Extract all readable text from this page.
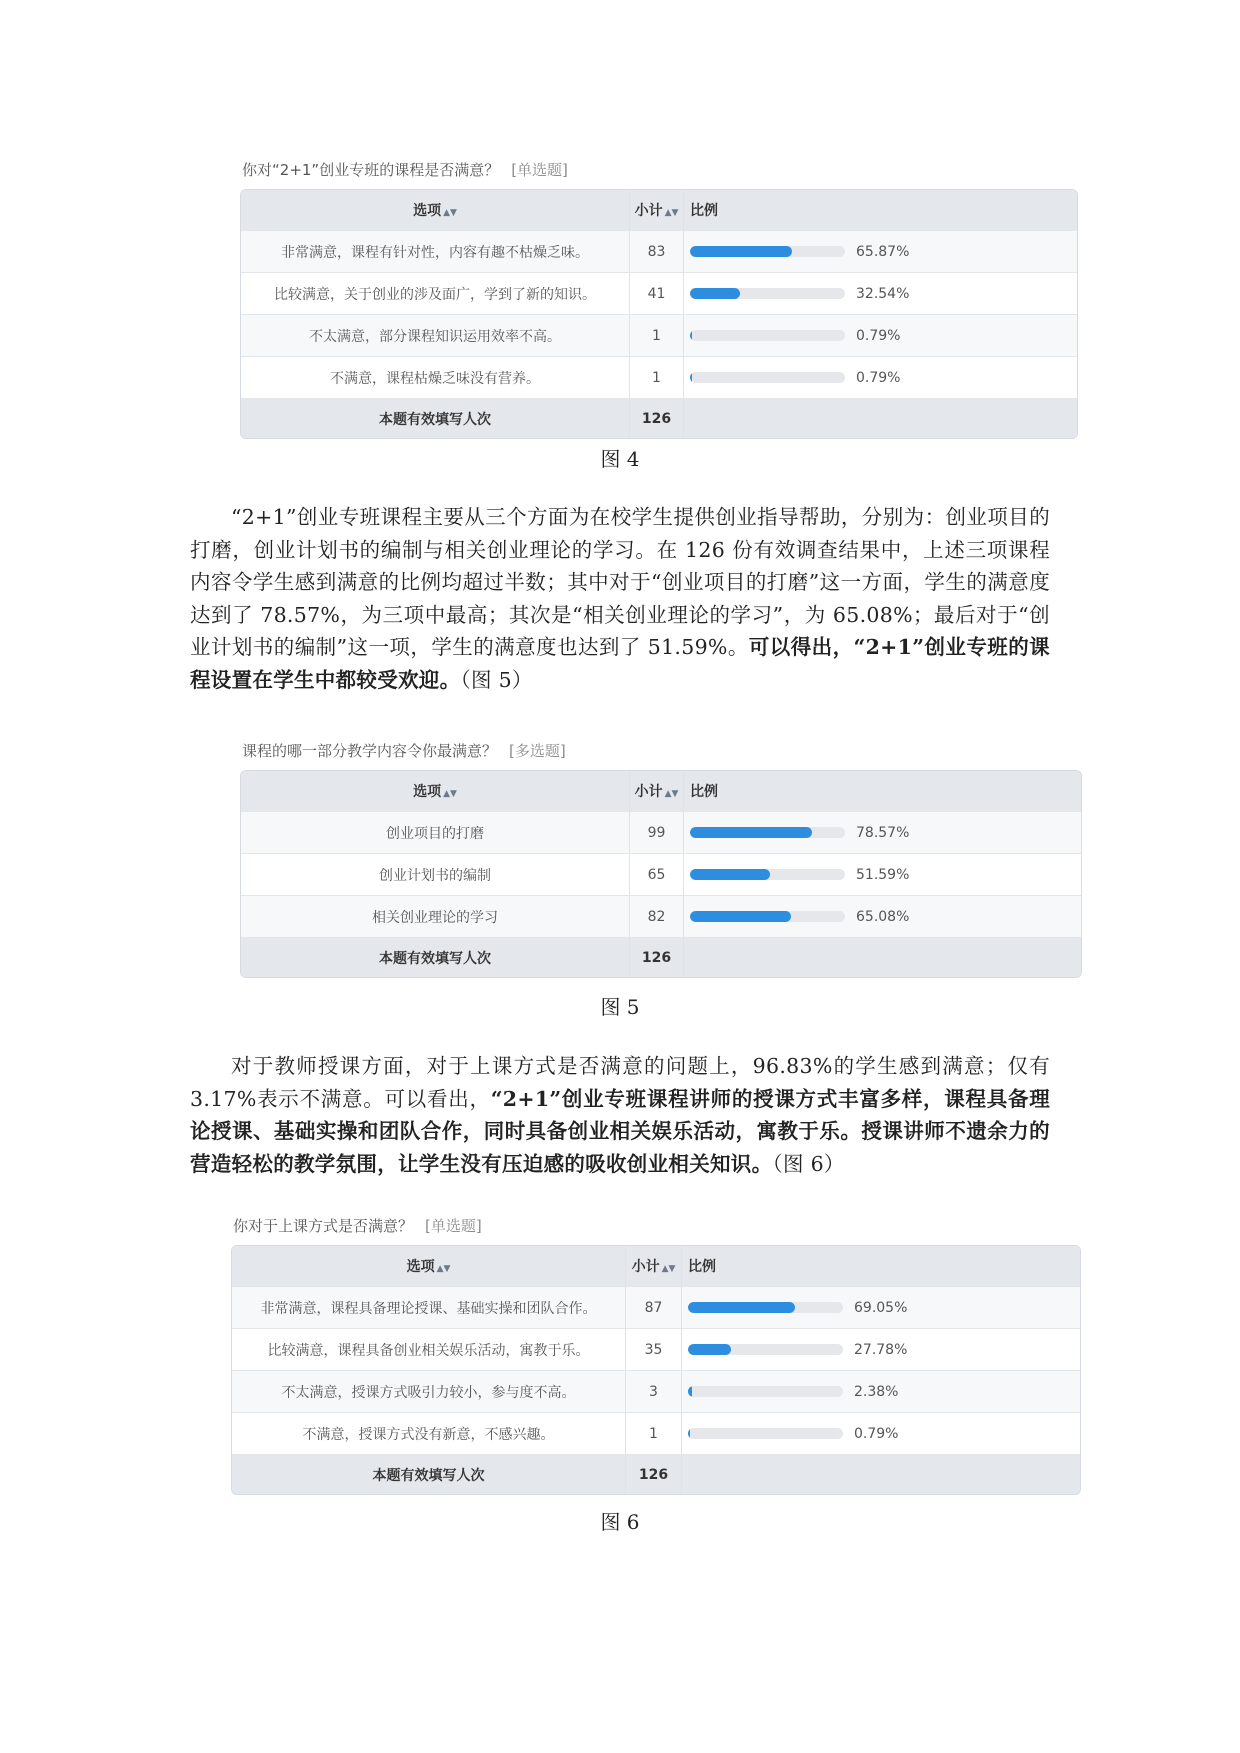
你对“2+1”创业专班的课程是否满意？ [单选题]
选项 ▲▼	小计 ▲▼	比例
非常满意，课程有针对性，内容有趣不枯燥乏味。	83	65.87%

比较满意，关于创业的涉及面广，学到了新的知识。	41	32.54%

不太满意，部分课程知识运用效率不高。	1	0.79%

不满意，课程枯燥乏味没有营养。	1	0.79%

本题有效填写人次	126	
图 4

“2+1”创业专班课程主要从三个方面为在校学生提供创业指导帮助，分别为：创业项目的打磨，创业计划书的编制与相关创业理论的学习。在 126 份有效调查结果中，上述三项课程内容令学生感到满意的比例均超过半数；其中对于“创业项目的打磨”这一方面，学生的满意度达到了 78.57%，为三项中最高；其次是“相关创业理论的学习”，为 65.08%；最后对于“创业计划书的编制”这一项，学生的满意度也达到了 51.59%。可以得出，“2+1”创业专班的课程设置在学生中都较受欢迎。（图 5）

课程的哪一部分教学内容令你最满意？ [多选题]
选项 ▲▼	小计 ▲▼	比例
创业项目的打磨	99	78.57%

创业计划书的编制	65	51.59%

相关创业理论的学习	82	65.08%

本题有效填写人次	126	
图 5

对于教师授课方面，对于上课方式是否满意的问题上，96.83%的学生感到满意；仅有 3.17%表示不满意。可以看出，“2+1”创业专班课程讲师的授课方式丰富多样，课程具备理论授课、基础实操和团队合作，同时具备创业相关娱乐活动，寓教于乐。授课讲师不遗余力的营造轻松的教学氛围，让学生没有压迫感的吸收创业相关知识。（图 6）

你对于上课方式是否满意？ [单选题]
选项 ▲▼	小计 ▲▼	比例
非常满意，课程具备理论授课、基础实操和团队合作。	87	69.05%

比较满意，课程具备创业相关娱乐活动，寓教于乐。	35	27.78%

不太满意，授课方式吸引力较小，参与度不高。	3	2.38%

不满意，授课方式没有新意，不感兴趣。	1	0.79%

本题有效填写人次	126	
图 6
